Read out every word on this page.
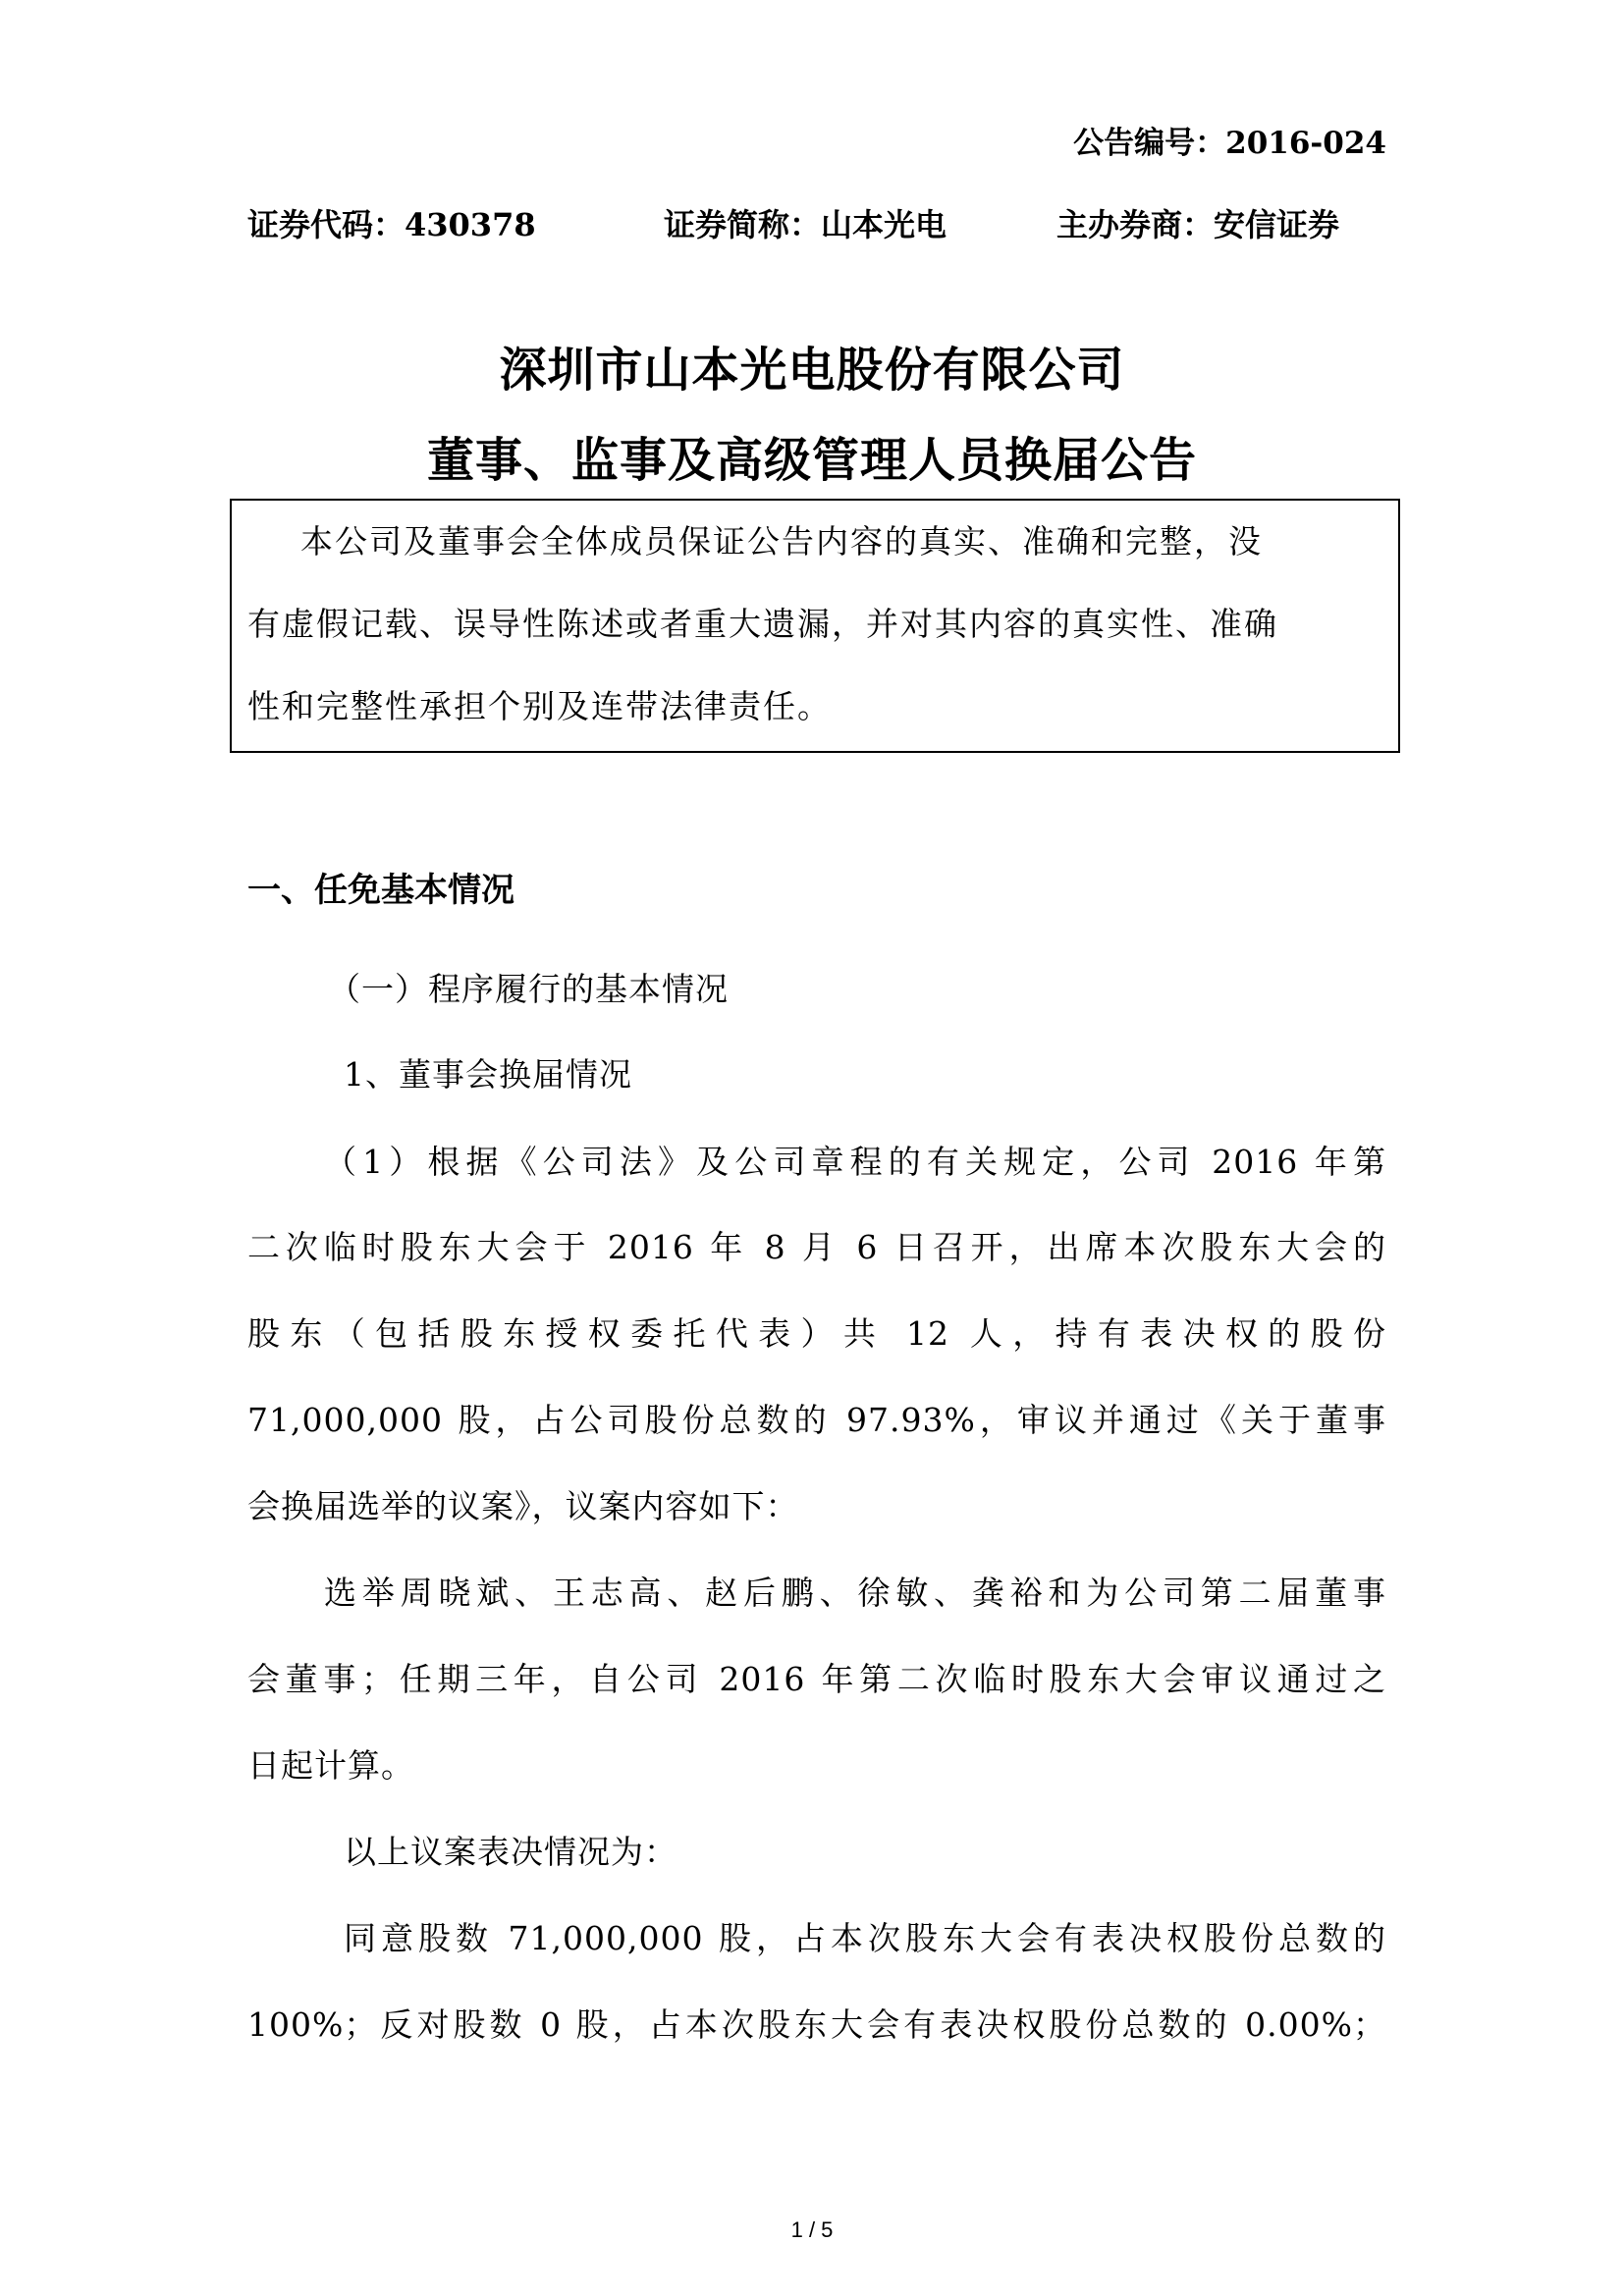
公告编号：2016-024

证券代码：430378	证券简称：山本光电	主办券商：安信证券

深圳市山本光电股份有限公司
董事、监事及高级管理人员换届公告
本公司及董事会全体成员保证公告内容的真实、准确和完整，没
有虚假记载、误导性陈述或者重大遗漏，并对其内容的真实性、准确
性和完整性承担个别及连带法律责任。

一、任免基本情况

（一）程序履行的基本情况

1、董事会换届情况

（1）根据《公司法》及公司章程的有关规定，公司 2016 年第
二次临时股东大会于 2016 年 8 月 6 日召开，出席本次股东大会的
股东（包括股东授权委托代表）共 12 人，持有表决权的股份
71,000,000 股，占公司股份总数的 97.93%，审议并通过《关于董事
会换届选举的议案》，议案内容如下：
选举周晓斌、王志高、赵后鹏、徐敏、龚裕和为公司第二届董事
会董事；任期三年，自公司 2016 年第二次临时股东大会审议通过之
日起计算。
以上议案表决情况为：
同意股数 71,000,000 股，占本次股东大会有表决权股份总数的
100%；反对股数 0 股，占本次股东大会有表决权股份总数的 0.00%；

1 / 5
